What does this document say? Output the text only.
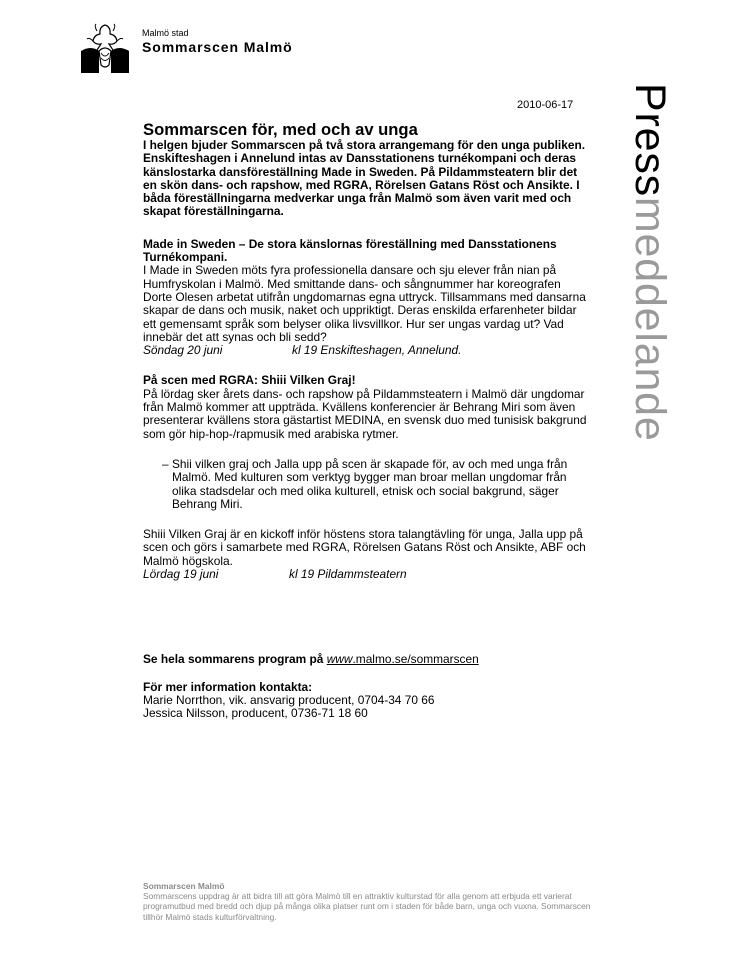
Malmö stad
Sommarscen Malmö
2010-06-17 Pressmeddelande

Sommarscen för, med och av unga

I helgen bjuder Sommarscen på två stora arrangemang för den unga publiken. Enskifteshagen i Annelund intas av Dansstationens turnékompani och deras känslostarka dansföreställning Made in Sweden. På Pildammsteatern blir det en skön dans- och rapshow, med RGRA, Rörelsen Gatans Röst och Ansikte. I båda föreställningarna medverkar unga från Malmö som även varit med och skapat föreställningarna.

Made in Sweden – De stora känslornas föreställning med Dansstationens Turnékompani.

I Made in Sweden möts fyra professionella dansare och sju elever från nian på Humfryskolan i Malmö. Med smittande dans- och sångnummer har koreografen Dorte Olesen arbetat utifrån ungdomarnas egna uttryck. Tillsammans med dansarna skapar de dans och musik, naket och uppriktigt. Deras enskilda erfarenheter bildar ett gemensamt språk som belyser olika livsvillkor. Hur ser ungas vardag ut? Vad innebär det att synas och bli sedd?

Söndag 20 juni	kl 19 Enskifteshagen, Annelund.

På scen med RGRA: Shiii Vilken Graj!

På lördag sker årets dans- och rapshow på Pildammsteatern i Malmö där ungdomar från Malmö kommer att uppträda. Kvällens konferencier är Behrang Miri som även presenterar kvällens stora gästartist MEDINA, en svensk duo med tunisisk bakgrund som gör hip-hop-/rapmusik med arabiska rytmer.

– Shii vilken graj och Jalla upp på scen är skapade för, av och med unga från Malmö. Med kulturen som verktyg bygger man broar mellan ungdomar från olika stadsdelar och med olika kulturell, etnisk och social bakgrund, säger Behrang Miri.

Shiii Vilken Graj är en kickoff inför höstens stora talangtävling för unga, Jalla upp på scen och görs i samarbete med RGRA, Rörelsen Gatans Röst och Ansikte, ABF och Malmö högskola.

Lördag 19 juni	kl 19 Pildammsteatern

Se hela sommarens program på www.malmo.se/sommarscen

För mer information kontakta:

Marie Norrthon, vik. ansvarig producent, 0704-34 70 66

Jessica Nilsson, producent, 0736-71 18 60

Sommarscen Malmö
Sommarscens uppdrag är att bidra till att göra Malmö till en attraktiv kulturstad för alla genom att erbjuda ett varierat programutbud med bredd och djup på många olika platser runt om i staden för både barn, unga och vuxna. Sommarscen tillhör Malmö stads kulturförvaltning.
